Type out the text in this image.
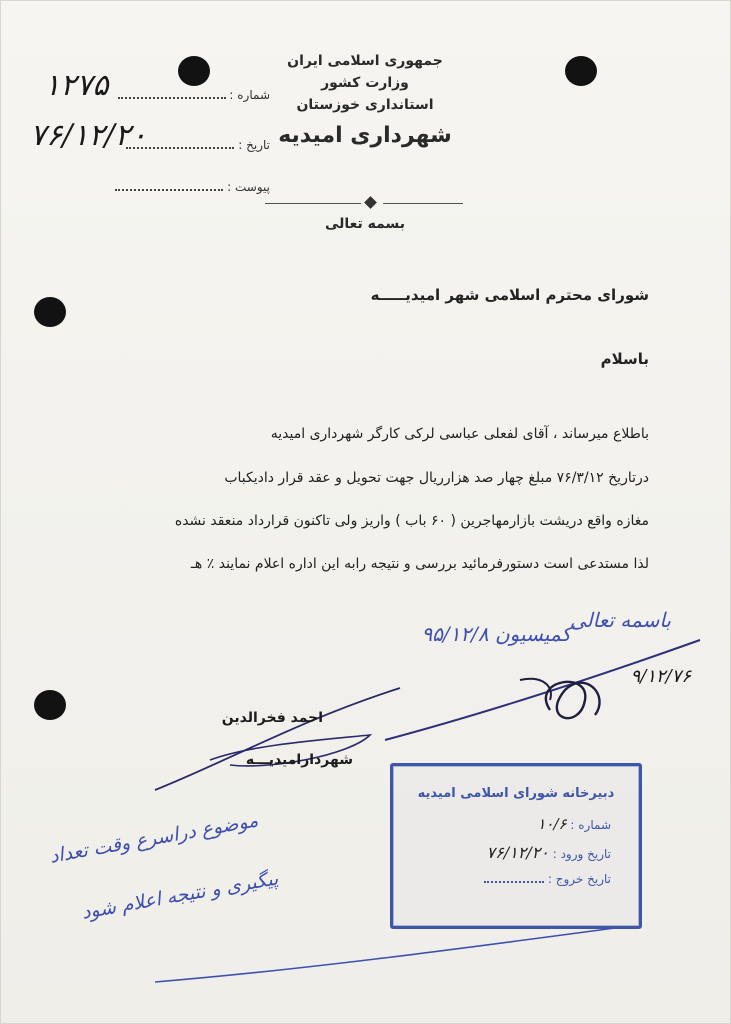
جمهوری اسلامی ایران
وزارت کشور
استانداری خوزستان
شهرداری امیدیه
بسمه تعالی
شماره :
۱۲۷۵
تاریخ :
۷۶/۱۲/۲۰
پیوست :
شورای محترم اسلامی شهر امیدیـــــه
باسلام
باطلاع میرساند ، آقای لفعلی عباسی لرکی کارگر شهرداری امیدیه
درتاریخ ۷۶/۳/۱۲ مبلغ چهار صد هزارریال جهت تحویل و عقد قرار دادیکباب
مغازه واقع دریشت بازارمهاجرین ( ۶۰ باب ) واریز ولی تاکنون قرارداد منعقد نشده
لذا مستدعی است دستورفرمائید بررسی و نتیجه رابه این اداره اعلام نمایند ٪ هـ
باسمه تعالی
کمیسیون ۹۵/۱۲/۸
۹/۱۲/۷۶
احمد فخرالدین
شهردارامیدیـــه
دبیرخانه شورای اسلامی امیدیه
شماره : ۱۰/۶
تاریخ ورود : ۷۶/۱۲/۲۰
تاریخ خروج :
موضوع دراسرع وقت تعداد
پیگیری و نتیجه اعلام شود
